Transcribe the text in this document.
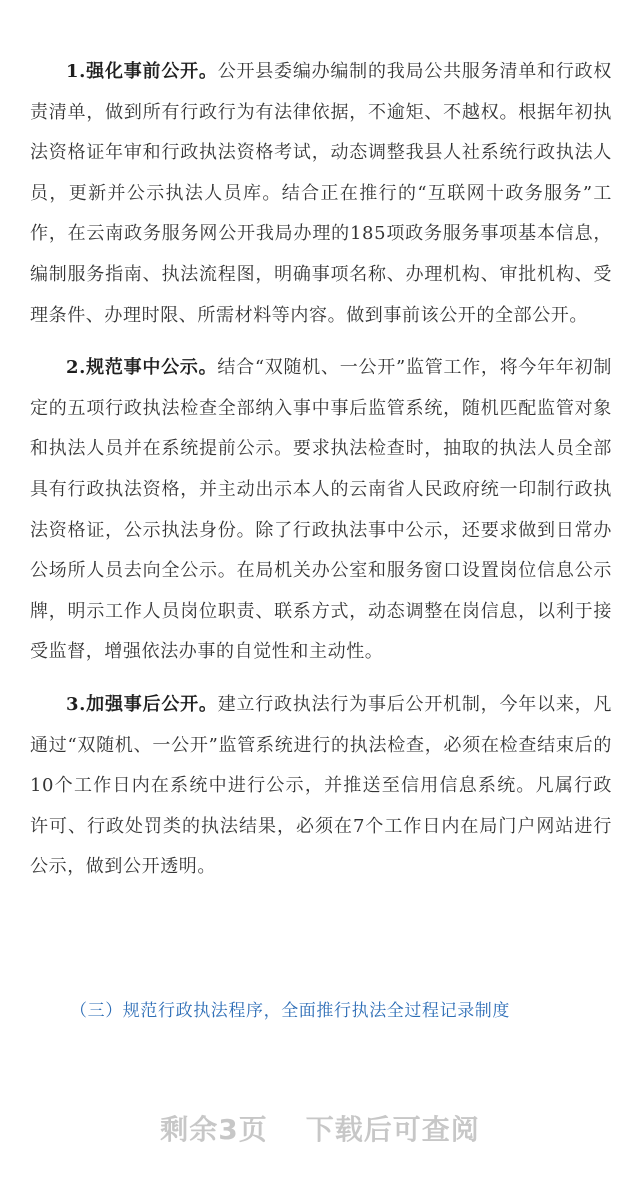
1.强化事前公开。公开县委编办编制的我局公共服务清单和行政权责清单，做到所有行政行为有法律依据，不逾矩、不越权。根据年初执法资格证年审和行政执法资格考试，动态调整我县人社系统行政执法人员，更新并公示执法人员库。结合正在推行的“互联网十政务服务”工作，在云南政务服务网公开我局办理的185项政务服务事项基本信息，编制服务指南、执法流程图，明确事项名称、办理机构、审批机构、受理条件、办理时限、所需材料等内容。做到事前该公开的全部公开。

2.规范事中公示。结合“双随机、一公开”监管工作，将今年年初制定的五项行政执法检查全部纳入事中事后监管系统，随机匹配监管对象和执法人员并在系统提前公示。要求执法检查时，抽取的执法人员全部具有行政执法资格，并主动出示本人的云南省人民政府统一印制行政执法资格证，公示执法身份。除了行政执法事中公示，还要求做到日常办公场所人员去向全公示。在局机关办公室和服务窗口设置岗位信息公示牌，明示工作人员岗位职责、联系方式，动态调整在岗信息，以利于接受监督，增强依法办事的自觉性和主动性。

3.加强事后公开。建立行政执法行为事后公开机制，今年以来，凡通过“双随机、一公开”监管系统进行的执法检查，必须在检查结束后的10个工作日内在系统中进行公示，并推送至信用信息系统。凡属行政许可、行政处罚类的执法结果，必须在7个工作日内在局门户网站进行公示，做到公开透明。

（三）规范行政执法程序，全面推行执法全过程记录制度
剩余3页 下载后可查阅
